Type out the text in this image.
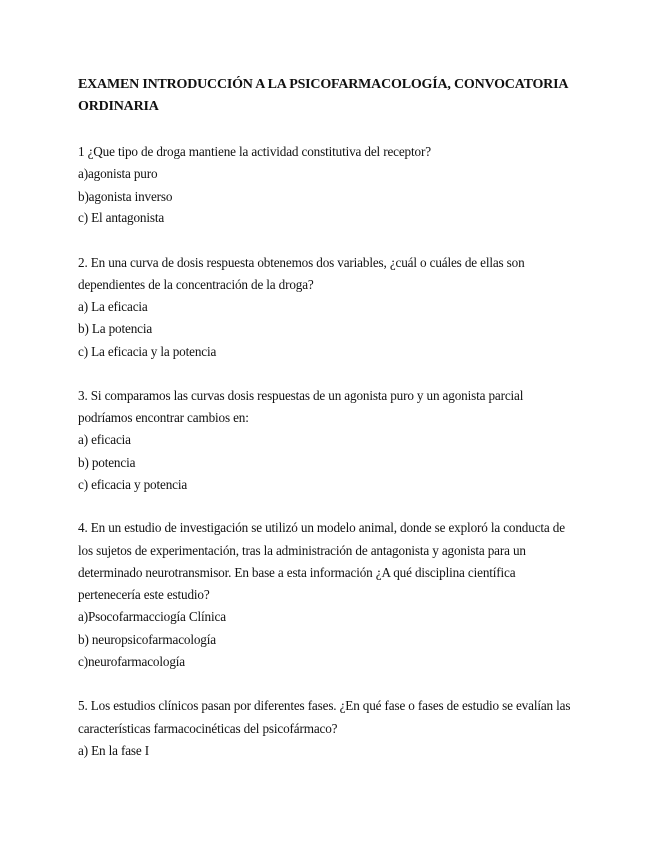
EXAMEN INTRODUCCIÓN A LA PSICOFARMACOLOGÍA, CONVOCATORIA
ORDINARIA
1 ¿Que tipo de droga mantiene la actividad constitutiva del receptor?
a)agonista puro
b)agonista inverso
c) El antagonista
2. En una curva de dosis respuesta obtenemos dos variables, ¿cuál o cuáles de ellas son
dependientes de la concentración de la droga?
a) La eficacia
b) La potencia
c) La eficacia y la potencia
3. Si comparamos las curvas dosis respuestas de un agonista puro y un agonista parcial
podríamos encontrar cambios en:
a) eficacia
b) potencia
c) eficacia y potencia
4. En un estudio de investigación se utilizó un modelo animal, donde se exploró la conducta de
los sujetos de experimentación, tras la administración de antagonista y agonista para un
determinado neurotransmisor. En base a esta información ¿A qué disciplina científica
pertenecería este estudio?
a)Psocofarmacciogía Clínica
b) neuropsicofarmacología
c)neurofarmacología
5. Los estudios clínicos pasan por diferentes fases. ¿En qué fase o fases de estudio se evalían las
características farmacocinéticas del psicofármaco?
a) En la fase I
